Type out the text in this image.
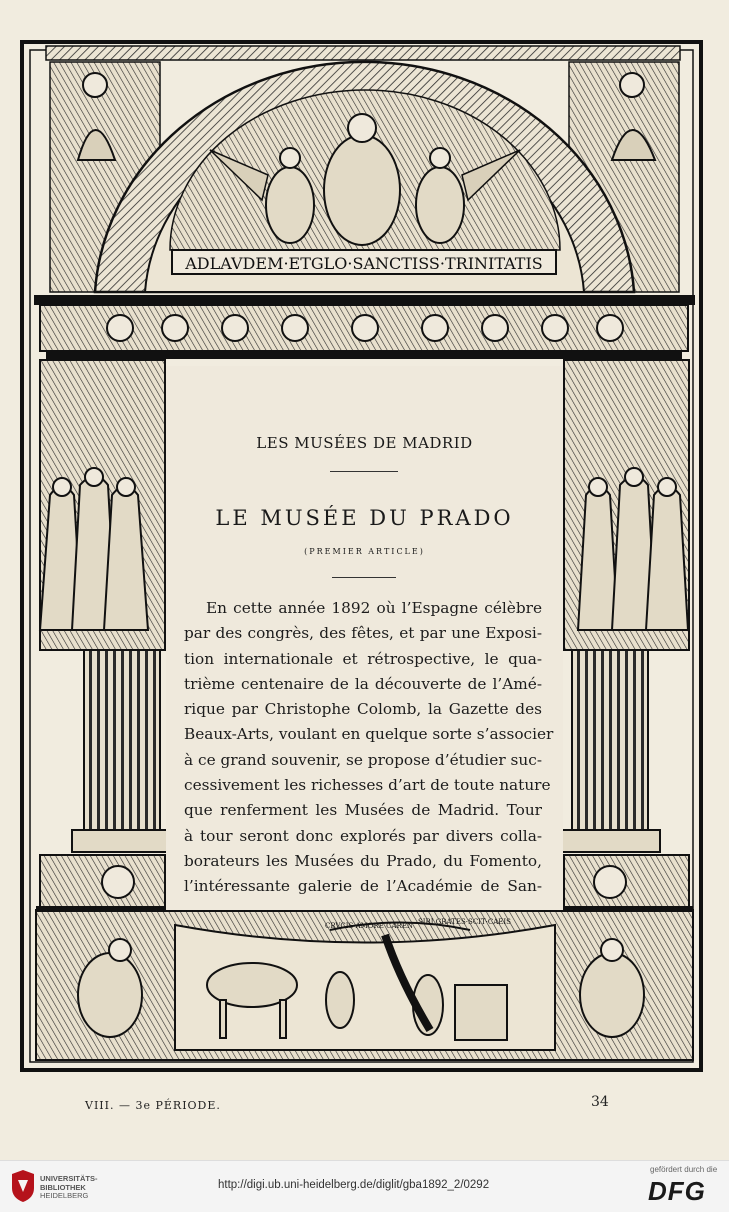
ADLAVDEM·ETGLO·SANCTISS·TRINITATIS
CRVCIS AMORE CAREN SIBI GRATES·SCIT·CAEIS
LES MUSÉES DE MADRID
LE MUSÉE DU PRADO
(PREMIER ARTICLE)
En cette année 1892 où l’Espagne célèbre
par des congrès, des fêtes, et par une Exposi-
tion internationale et rétrospective, le qua-
trième centenaire de la découverte de l’Amé-
rique par Christophe Colomb, la Gazette des
Beaux-Arts, voulant en quelque sorte s’associer
à ce grand souvenir, se propose d’étudier suc-
cessivement les richesses d’art de toute nature
que renferment les Musées de Madrid. Tour
à tour seront donc explorés par divers colla-
borateurs les Musées du Prado, du Fomento,
l’intéressante galerie de l’Académie de San-
VIII. — 3e PÉRIODE.	34
UNIVERSITÄTS-
BIBLIOTHEK
HEIDELBERG
http://digi.ub.uni-heidelberg.de/diglit/gba1892_2/0292
gefördert durch die
DFG
